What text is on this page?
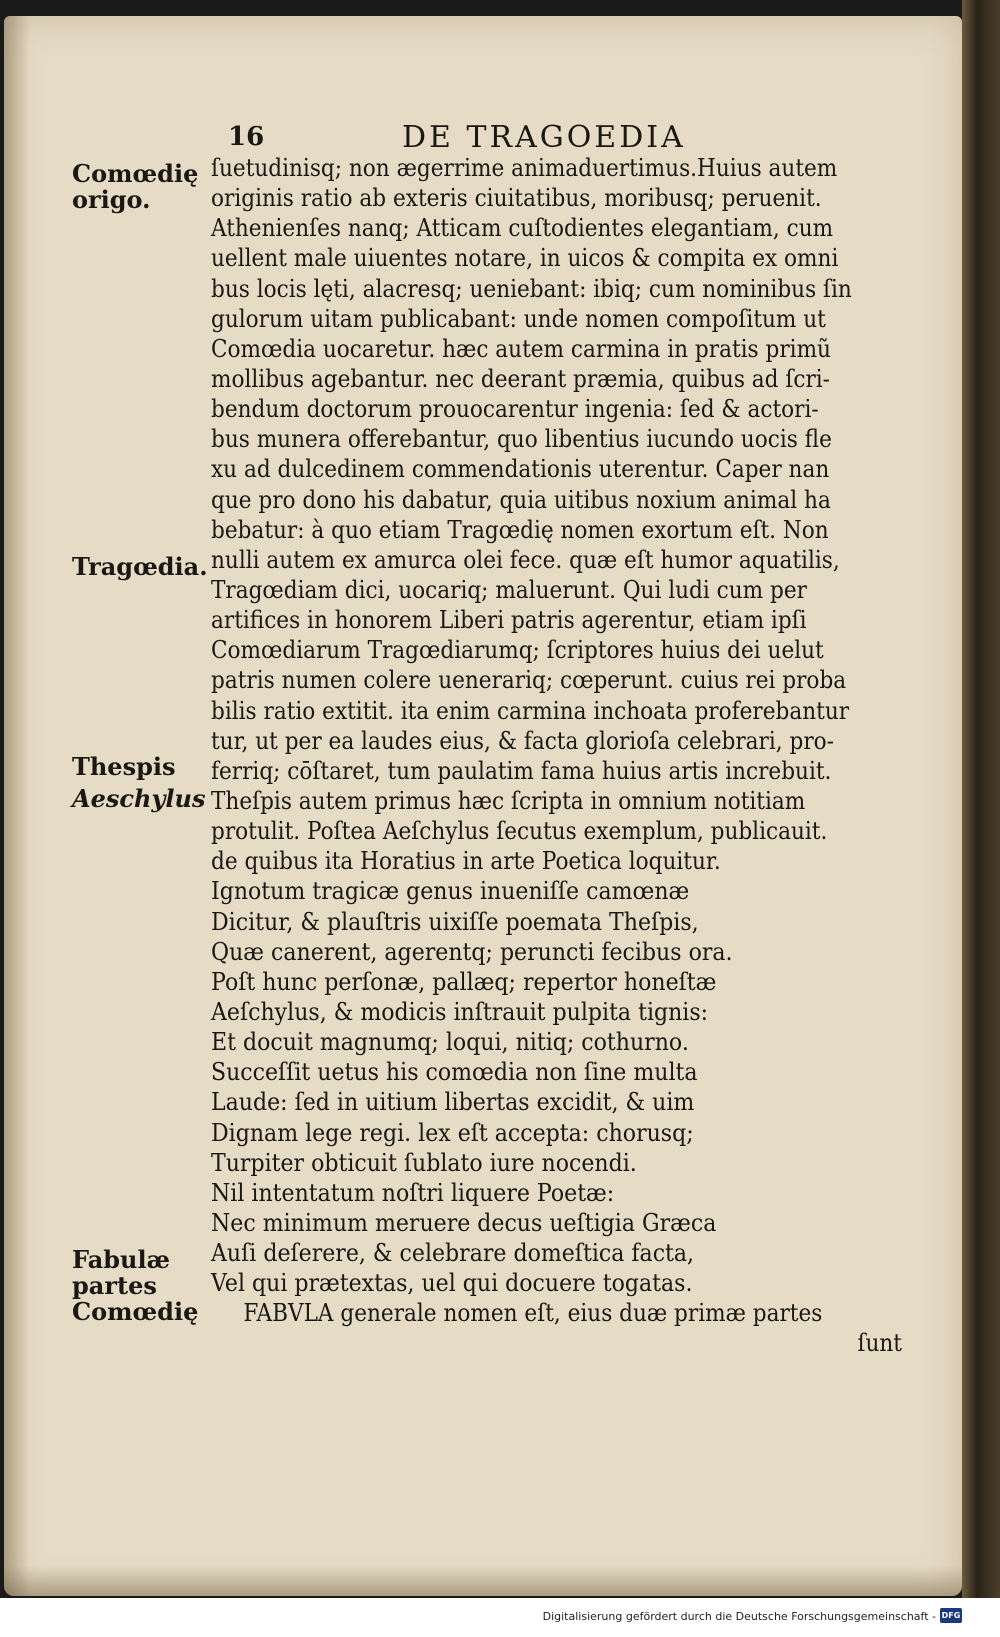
16	DE TRAGOEDIA
Comœdię origo.
Tragœdia.
Thespis
Aeschylus
Fabulæ partes Comœdię
ſuetudinisq; non ægerrime animaduertimus.Huius autem
originis ratio ab exteris ciuitatibus, moribusq; peruenit.
Athenienſes nanq; Atticam cuſtodientes elegantiam, cum
uellent male uiuentes notare, in uicos & compita ex omni
bus locis lęti, alacresq; ueniebant: ibiq; cum nominibus ſin
gulorum uitam publicabant: unde nomen compoſitum ut
Comœdia uocaretur. hæc autem carmina in pratis primũ
mollibus agebantur. nec deerant præmia, quibus ad ſcri-
bendum doctorum prouocarentur ingenia: ſed & actori-
bus munera offerebantur, quo libentius iucundo uocis fle
xu ad dulcedinem commendationis uterentur. Caper nan
que pro dono his dabatur, quia uitibus noxium animal ha
bebatur: à quo etiam Tragœdię nomen exortum eſt. Non
nulli autem ex amurca olei fece. quæ eſt humor aquatilis,
Tragœdiam dici, uocariq; maluerunt. Qui ludi cum per
artifices in honorem Liberi patris agerentur, etiam ipſi
Comœdiarum Tragœdiarumq; ſcriptores huius dei uelut
patris numen colere uenerariq; cœperunt. cuius rei proba
bilis ratio extitit. ita enim carmina inchoata proferebantur
tur, ut per ea laudes eius, & facta glorioſa celebrari, pro-
ferriq; cōſtaret, tum paulatim fama huius artis increbuit.
Theſpis autem primus hæc ſcripta in omnium notitiam
protulit. Poſtea Aeſchylus ſecutus exemplum, publicauit.
de quibus ita Horatius in arte Poetica loquitur.
Ignotum tragicæ genus inueniſſe camœnæ
Dicitur, & plauſtris uixiſſe poemata Theſpis,
Quæ canerent, agerentq; peruncti fecibus ora.
Poſt hunc perſonæ, pallæq; repertor honeſtæ
Aeſchylus, & modicis inſtrauit pulpita tignis:
Et docuit magnumq; loqui, nitiq; cothurno.
Succeſſit uetus his comœdia non ſine multa
Laude: ſed in uitium libertas excidit, & uim
Dignam lege regi. lex eſt accepta: chorusq;
Turpiter obticuit ſublato iure nocendi.
Nil intentatum noſtri liquere Poetæ:
Nec minimum meruere decus ueſtigia Græca
Auſi deſerere, & celebrare domeſtica facta,
Vel qui prætextas, uel qui docuere togatas.
FABVLA generale nomen eſt, eius duæ primæ partes
ſunt
Digitalisierung gefördert durch die Deutsche Forschungsgemeinschaft - DFG
